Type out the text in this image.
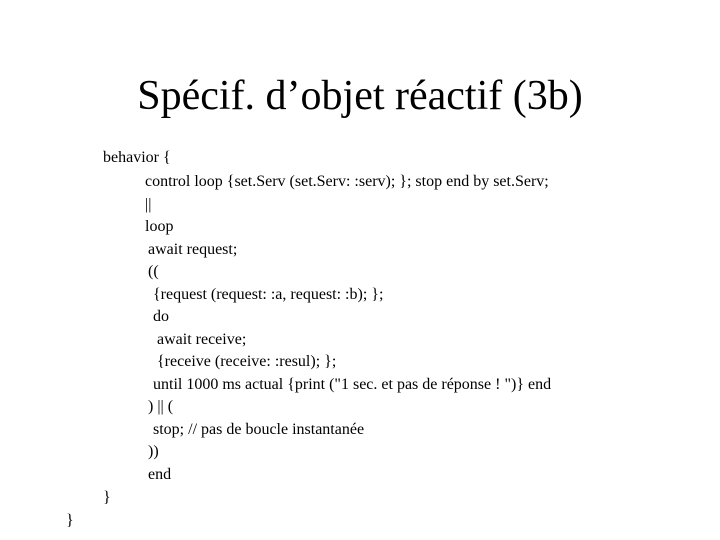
Spécif. d’objet réactif (3b)
behavior {
control loop {set.Serv (set.Serv: :serv); }; stop end by set.Serv;
||
loop
await request;
((
{request (request: :a, request: :b); };
do
await receive;
{receive (receive: :resul); };
until 1000 ms actual {print ("1 sec. et pas de réponse ! ")} end
) || (
stop; // pas de boucle instantanée
))
end
}
}
